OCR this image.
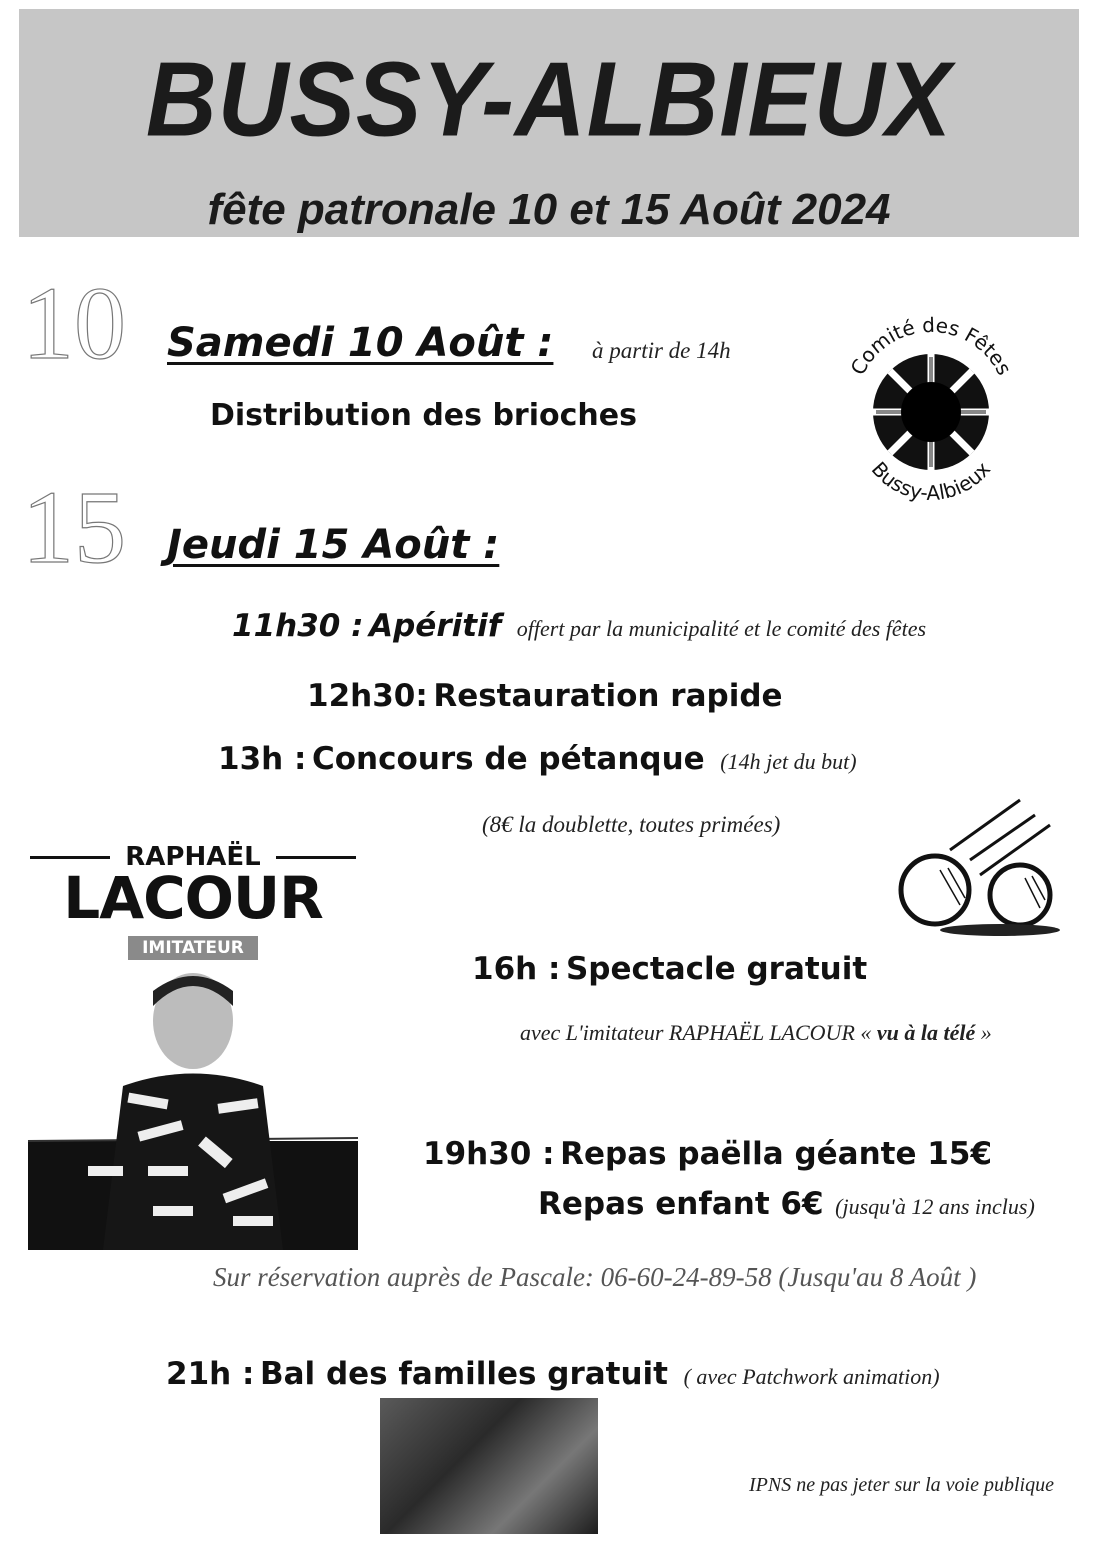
BUSSY-ALBIEUX
fête patronale 10 et 15 Août 2024
10
15
Samedi 10 Août : à partir de 14h
Distribution des brioches
Comité des Fêtes
Bussy-Albieux
Jeudi 15 Août :
11h30 : Apéritif offert par la municipalité et le comité des fêtes
12h30: Restauration rapide
13h : Concours de pétanque (14h jet du but)
(8€ la doublette, toutes primées)
RAPHAËL
LACOUR
IMITATEUR
16h : Spectacle gratuit
avec L'imitateur RAPHAËL LACOUR « vu à la télé »
19h30 : Repas paëlla géante 15€
Repas enfant 6€ (jusqu'à 12 ans inclus)
Sur réservation auprès de Pascale: 06-60-24-89-58 (Jusqu'au 8 Août )
21h : Bal des familles gratuit ( avec Patchwork animation)
IPNS ne pas jeter sur la voie publique
